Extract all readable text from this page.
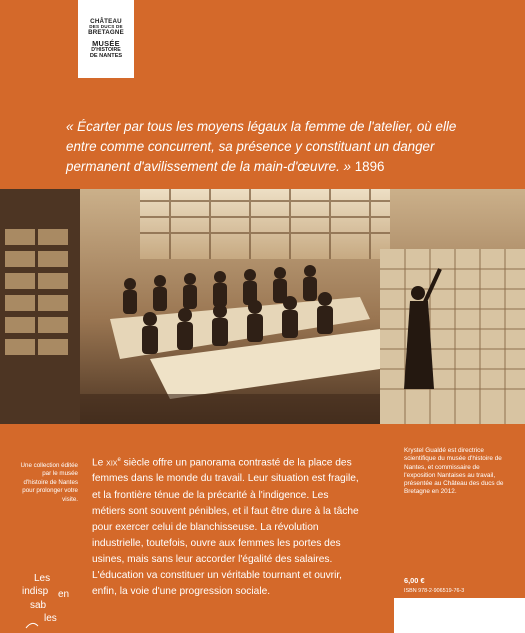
CHÂTEAU
DES DUCS DE
BRETAGNE
MUSÉE
D'HISTOIRE
DE NANTES
« Écarter par tous les moyens légaux la femme de l'atelier, où elle entre comme concurrent, sa présence y constituant un danger permanent d'avilissement de la main-d'œuvre. » 1896
Une collection éditée par le musée d'histoire de Nantes pour prolonger votre visite.
Les
indisp en
sab
les
Le xix$^e$ siècle offre un panorama contrasté de la place des femmes dans le monde du travail. Leur situation est fragile, et la frontière ténue de la précarité à l'indigence. Les métiers sont souvent pénibles, et il faut être dure à la tâche pour exercer celui de blanchisseuse. La révolution industrielle, toutefois, ouvre aux femmes les portes des usines, mais sans leur accorder l'égalité des salaires. L'éducation va constituer un véritable tournant et ouvrir, enfin, la voie d'une progression sociale.
Krystel Gualdé est directrice scientifique du musée d'histoire de Nantes, et commissaire de l'exposition Nantaises au travail, présentée au Château des ducs de Bretagne en 2012.
6,00 €
ISBN 978-2-906519-76-3
